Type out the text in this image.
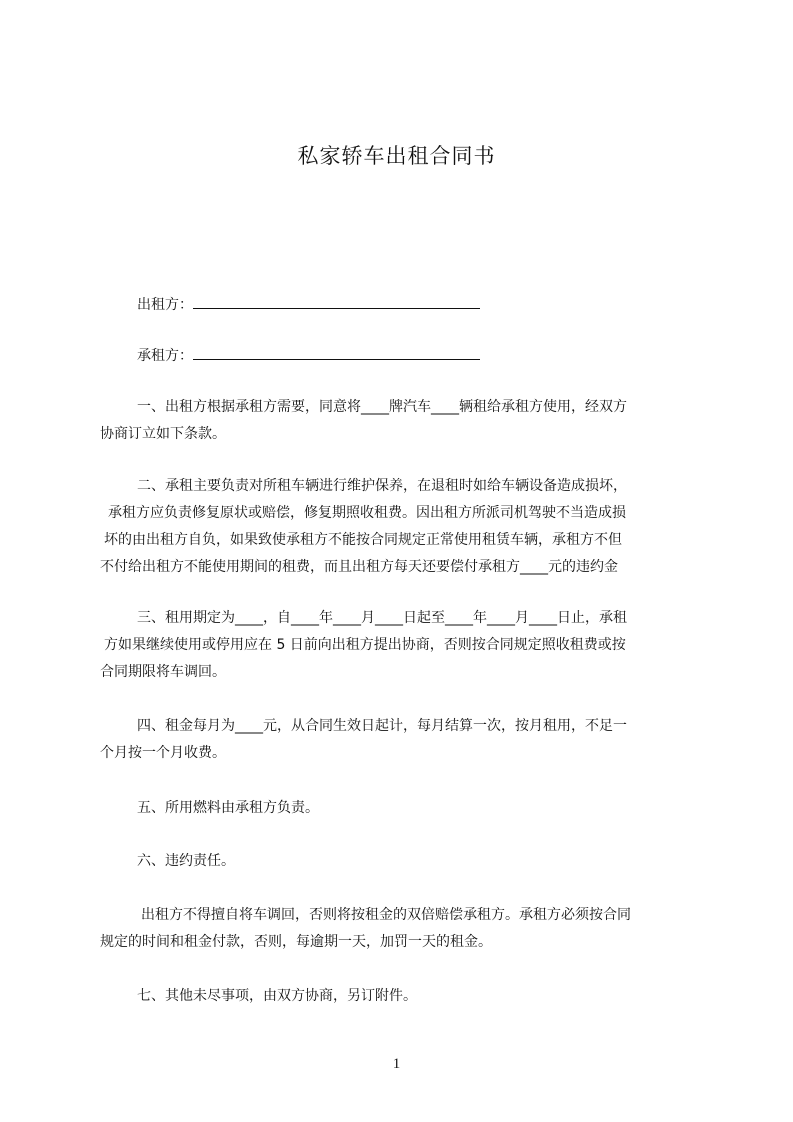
私家轿车出租合同书
出租方：
承租方：
一、出租方根据承租方需要，同意将____牌汽车____辆租给承租方使用，经双方
协商订立如下条款。
二、承租主要负责对所租车辆进行维护保养，在退租时如给车辆设备造成损坏，
承租方应负责修复原状或赔偿，修复期照收租费。因出租方所派司机驾驶不当造成损
坏的由出租方自负，如果致使承租方不能按合同规定正常使用租赁车辆，承租方不但
不付给出租方不能使用期间的租费，而且出租方每天还要偿付承租方____元的违约金
三、租用期定为____，自____年____月____日起至____年____月____日止，承租
方如果继续使用或停用应在 5 日前向出租方提出协商，否则按合同规定照收租费或按
合同期限将车调回。
四、租金每月为____元，从合同生效日起计，每月结算一次，按月租用，不足一
个月按一个月收费。
五、所用燃料由承租方负责。
六、违约责任。
出租方不得擅自将车调回，否则将按租金的双倍赔偿承租方。承租方必须按合同
规定的时间和租金付款，否则，每逾期一天，加罚一天的租金。
七、其他未尽事项，由双方协商，另订附件。
1
